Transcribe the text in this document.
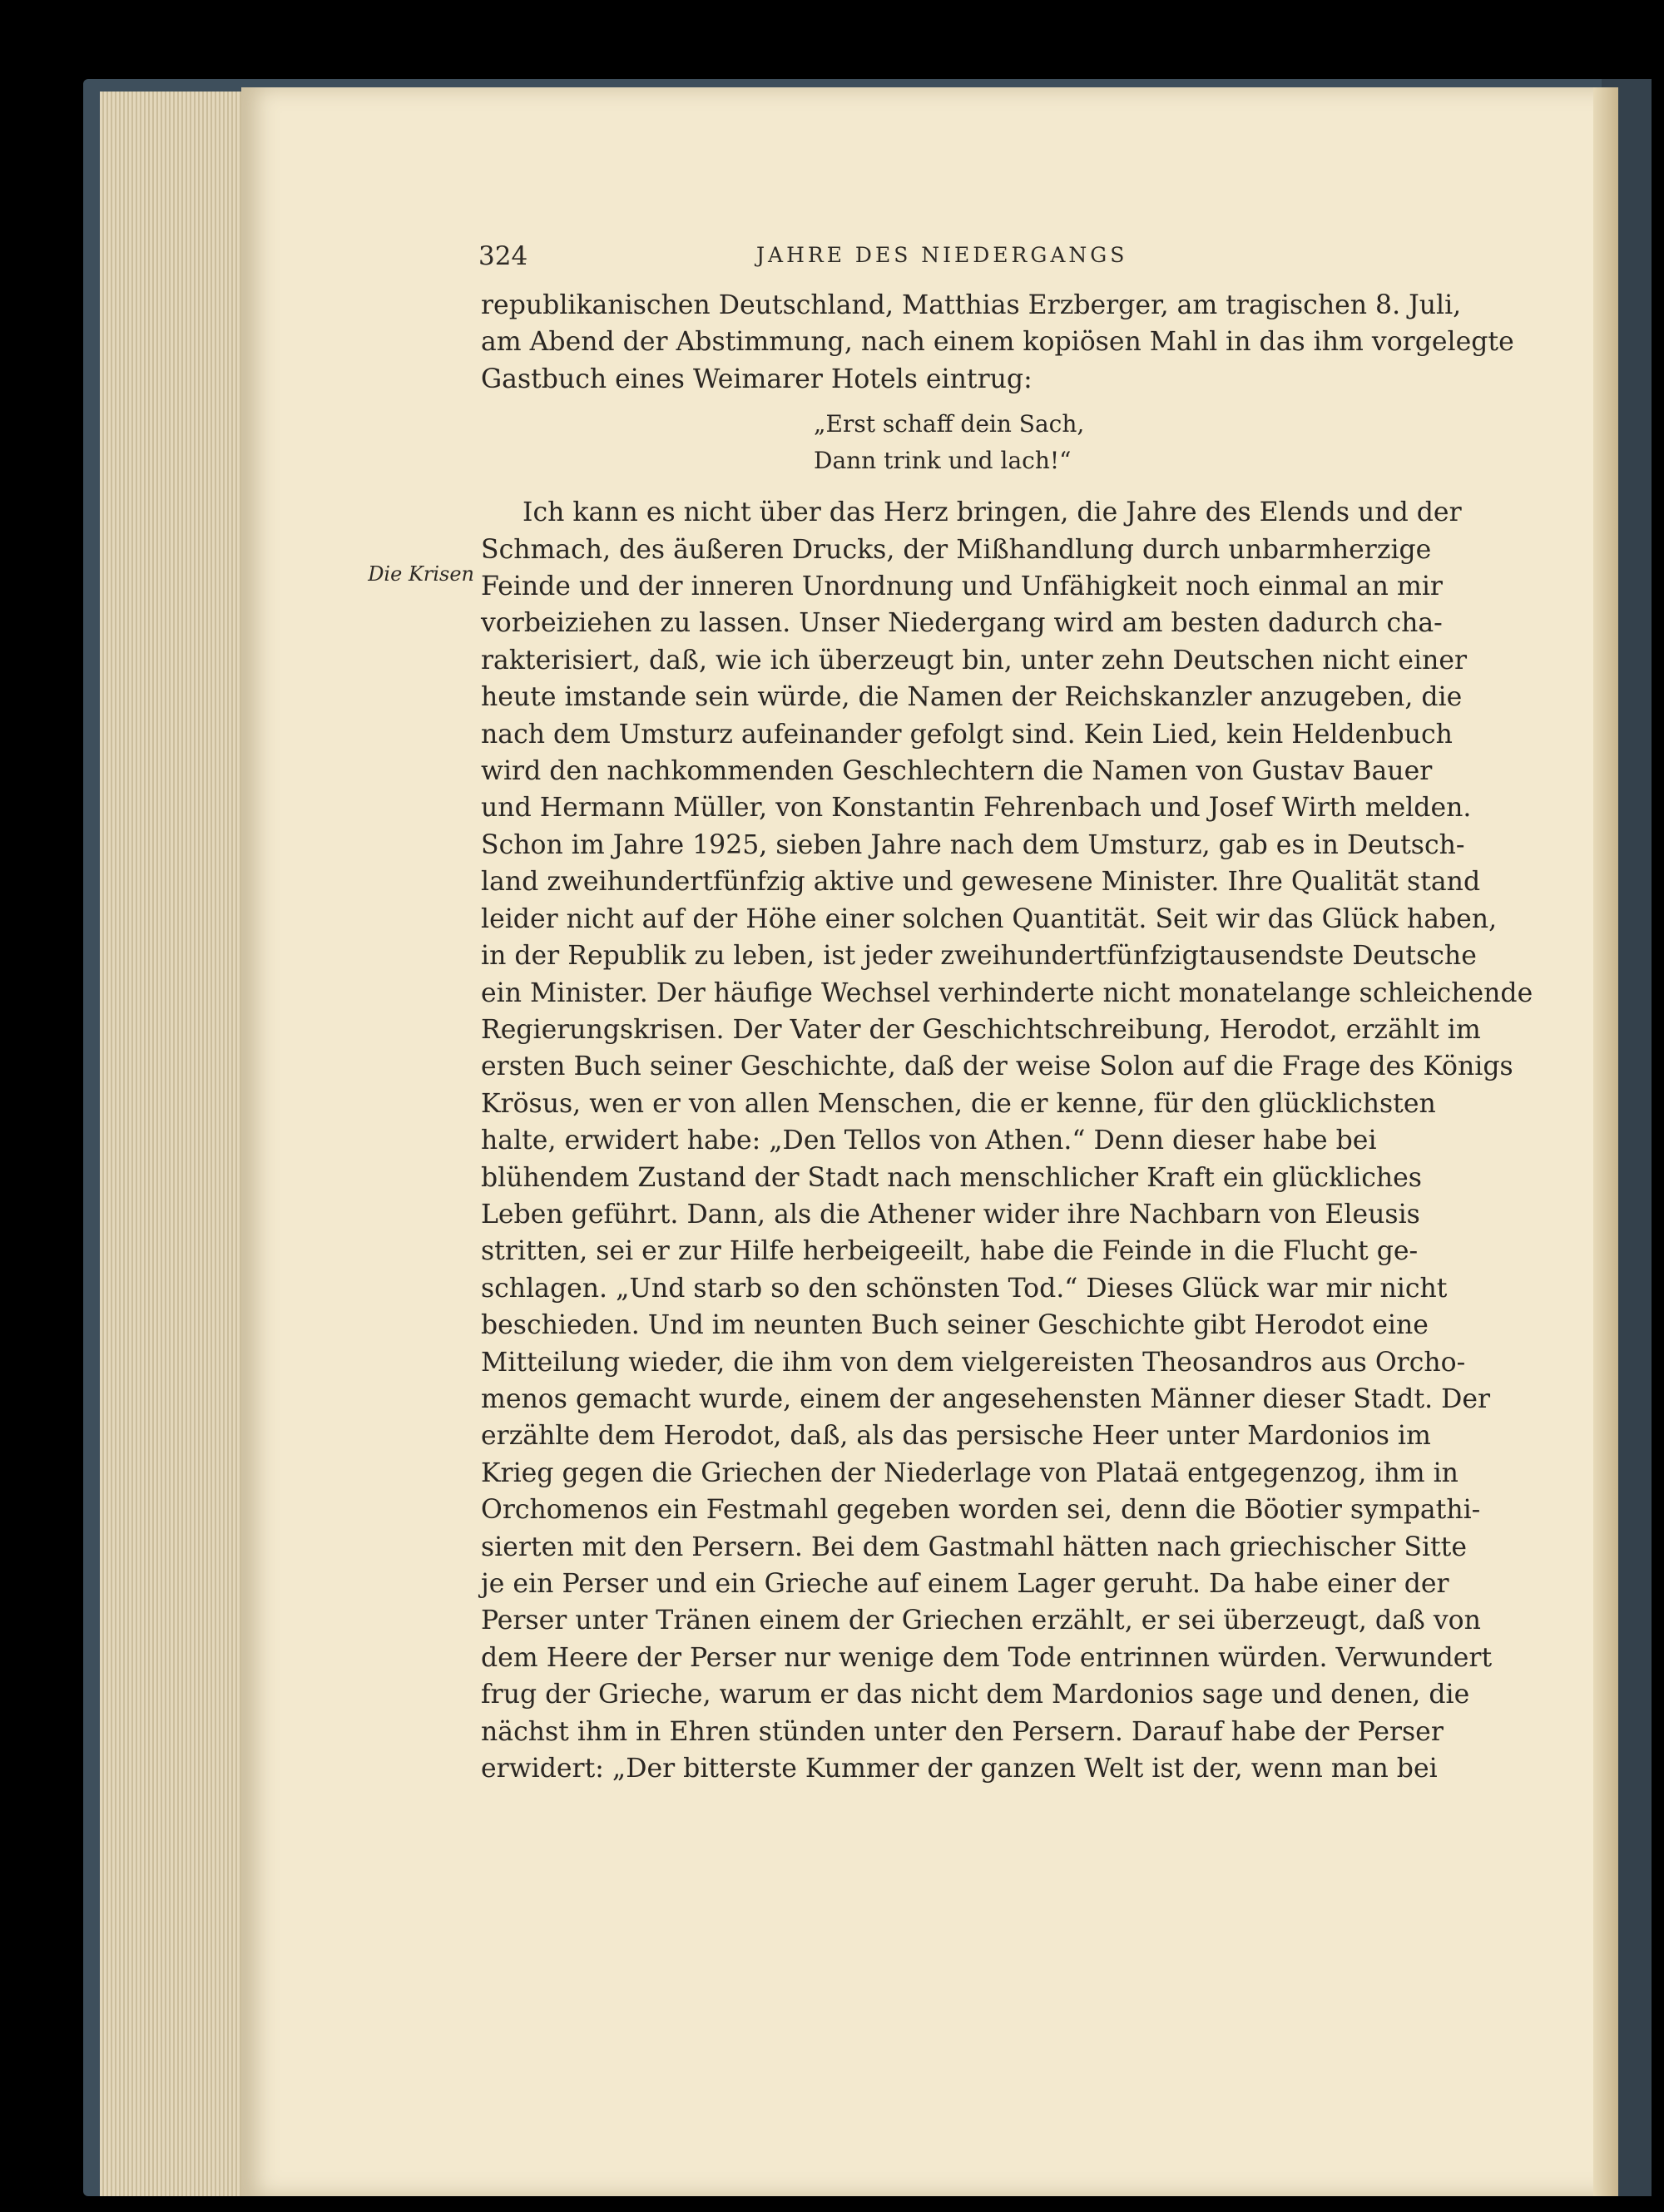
324	JAHRE DES NIEDERGANGS
Die Krisen
republikanischen Deutschland, Matthias Erzberger, am tragischen 8. Juli,
am Abend der Abstimmung, nach einem kopiösen Mahl in das ihm vorgelegte
Gastbuch eines Weimarer Hotels eintrug:
„Erst schaff dein Sach,
Dann trink und lach!“
Ich kann es nicht über das Herz bringen, die Jahre des Elends und der
Schmach, des äußeren Drucks, der Mißhandlung durch unbarmherzige
Feinde und der inneren Unordnung und Unfähigkeit noch einmal an mir
vorbeiziehen zu lassen. Unser Niedergang wird am besten dadurch cha-
rakterisiert, daß, wie ich überzeugt bin, unter zehn Deutschen nicht einer
heute imstande sein würde, die Namen der Reichskanzler anzugeben, die
nach dem Umsturz aufeinander gefolgt sind. Kein Lied, kein Heldenbuch
wird den nachkommenden Geschlechtern die Namen von Gustav Bauer
und Hermann Müller, von Konstantin Fehrenbach und Josef Wirth melden.
Schon im Jahre 1925, sieben Jahre nach dem Umsturz, gab es in Deutsch-
land zweihundertfünfzig aktive und gewesene Minister. Ihre Qualität stand
leider nicht auf der Höhe einer solchen Quantität. Seit wir das Glück haben,
in der Republik zu leben, ist jeder zweihundertfünfzigtausendste Deutsche
ein Minister. Der häufige Wechsel verhinderte nicht monatelange schleichende
Regierungskrisen. Der Vater der Geschichtschreibung, Herodot, erzählt im
ersten Buch seiner Geschichte, daß der weise Solon auf die Frage des Königs
Krösus, wen er von allen Menschen, die er kenne, für den glücklichsten
halte, erwidert habe: „Den Tellos von Athen.“ Denn dieser habe bei
blühendem Zustand der Stadt nach menschlicher Kraft ein glückliches
Leben geführt. Dann, als die Athener wider ihre Nachbarn von Eleusis
stritten, sei er zur Hilfe herbeigeeilt, habe die Feinde in die Flucht ge-
schlagen. „Und starb so den schönsten Tod.“ Dieses Glück war mir nicht
beschieden. Und im neunten Buch seiner Geschichte gibt Herodot eine
Mitteilung wieder, die ihm von dem vielgereisten Theosandros aus Orcho-
menos gemacht wurde, einem der angesehensten Männer dieser Stadt. Der
erzählte dem Herodot, daß, als das persische Heer unter Mardonios im
Krieg gegen die Griechen der Niederlage von Plataä entgegenzog, ihm in
Orchomenos ein Festmahl gegeben worden sei, denn die Böotier sympathi-
sierten mit den Persern. Bei dem Gastmahl hätten nach griechischer Sitte
je ein Perser und ein Grieche auf einem Lager geruht. Da habe einer der
Perser unter Tränen einem der Griechen erzählt, er sei überzeugt, daß von
dem Heere der Perser nur wenige dem Tode entrinnen würden. Verwundert
frug der Grieche, warum er das nicht dem Mardonios sage und denen, die
nächst ihm in Ehren stünden unter den Persern. Darauf habe der Perser
erwidert: „Der bitterste Kummer der ganzen Welt ist der, wenn man bei
